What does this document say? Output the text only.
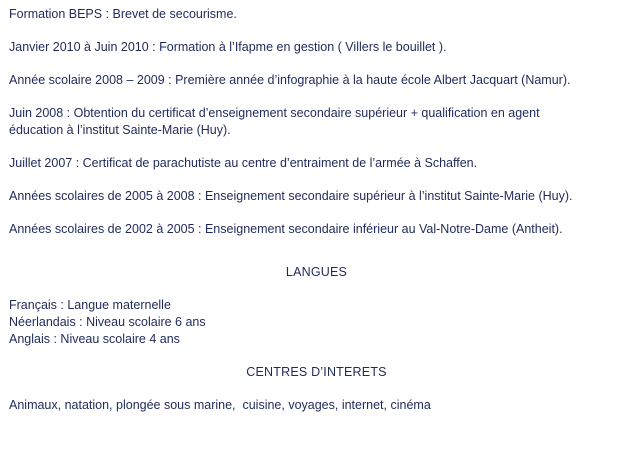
Formation BEPS : Brevet de secourisme.

Janvier 2010 à Juin 2010 : Formation à l’Ifapme en gestion ( Villers le bouillet ).

Année scolaire 2008 – 2009 : Première année d’infographie à la haute école Albert Jacquart (Namur).

Juin 2008 : Obtention du certificat d’enseignement secondaire supérieur + qualification en agent

éducation à l’institut Sainte-Marie (Huy).

Juillet 2007 : Certificat de parachutiste au centre d’entraiment de l’armée à Schaffen.

Années scolaires de 2005 à 2008 : Enseignement secondaire supérieur à l’institut Sainte-Marie (Huy).

Années scolaires de 2002 à 2005 : Enseignement secondaire inférieur au Val-Notre-Dame (Antheit).

LANGUES

Français : Langue maternelle

Néerlandais : Niveau scolaire 6 ans

Anglais : Niveau scolaire 4 ans

CENTRES D’INTERETS

Animaux, natation, plongée sous marine,  cuisine, voyages, internet, cinéma
